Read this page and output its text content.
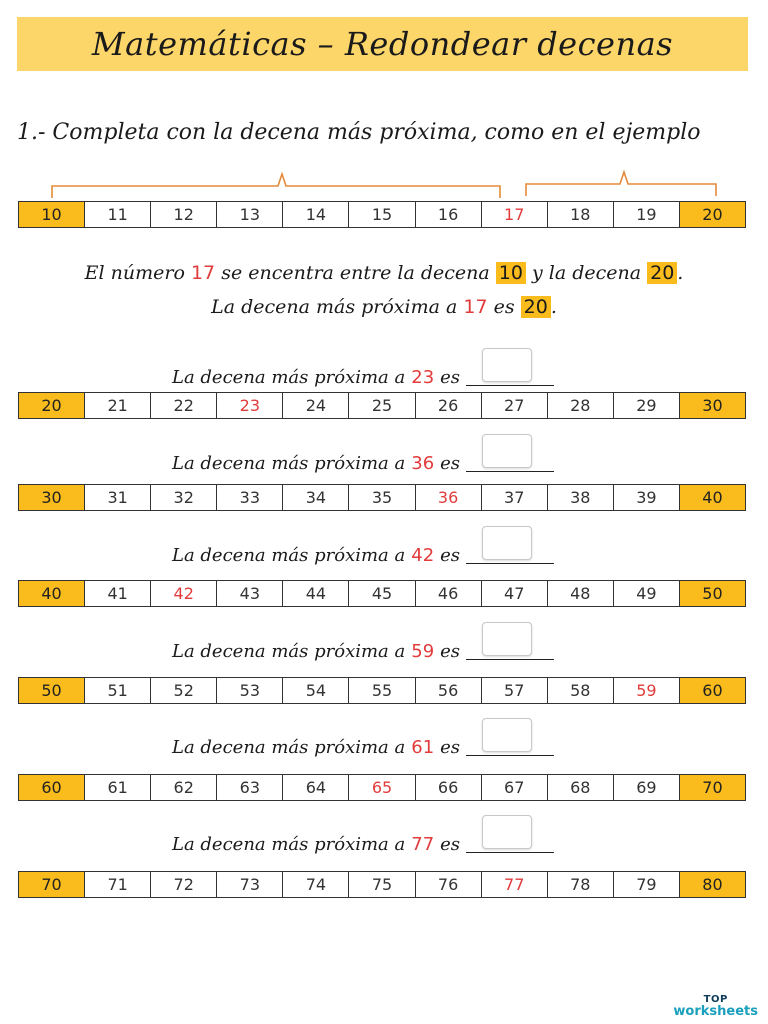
Matemáticas – Redondear decenas
1.- Completa con la decena más próxima, como en el ejemplo
10	11	12	13	14	15	16	17	18	19	20
El número 17 se encentra entre la decena 10 y la decena 20 .
La decena más próxima a 17 es 20 .
La decena más próxima a 23 es
20	21	22	23	24	25	26	27	28	29	30
La decena más próxima a 36 es
30	31	32	33	34	35	36	37	38	39	40
La decena más próxima a 42 es
40	41	42	43	44	45	46	47	48	49	50
La decena más próxima a 59 es
50	51	52	53	54	55	56	57	58	59	60
La decena más próxima a 61 es
60	61	62	63	64	65	66	67	68	69	70
La decena más próxima a 77 es
70	71	72	73	74	75	76	77	78	79	80
TOP
worksheets
